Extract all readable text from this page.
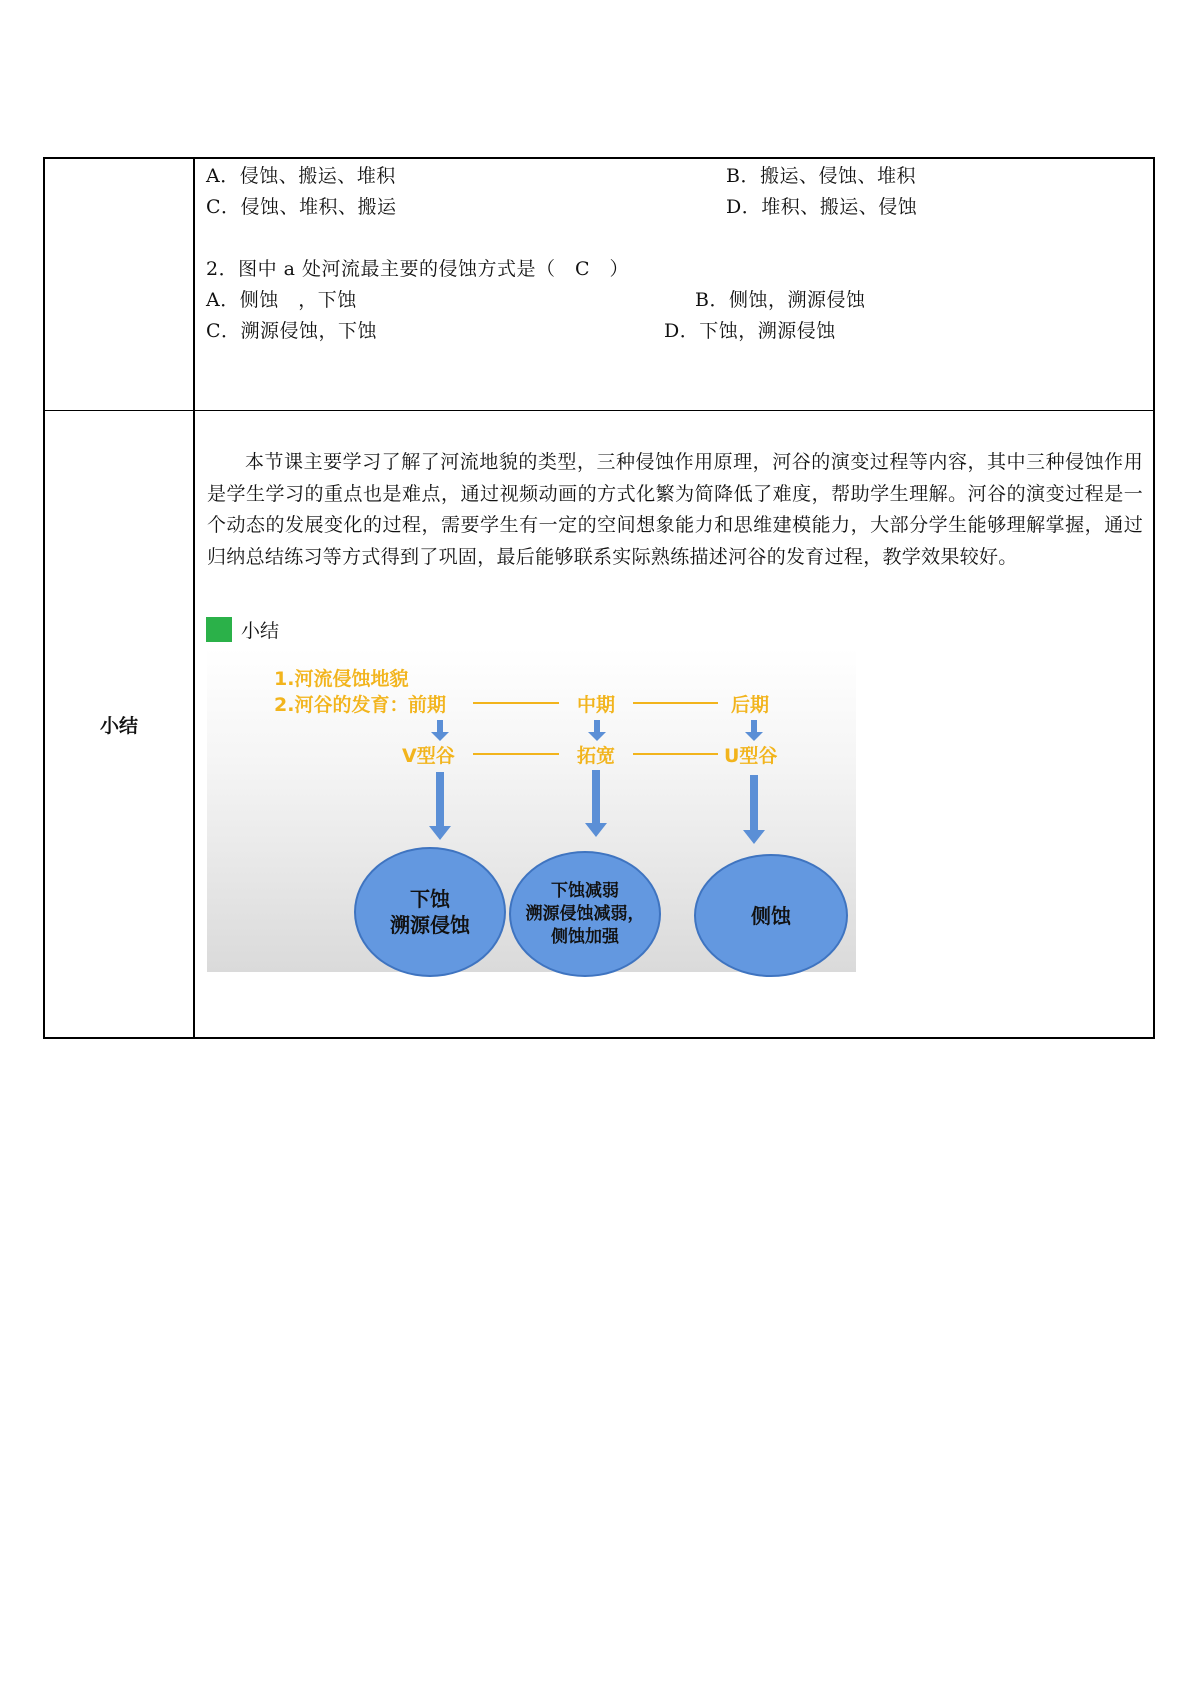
A．侵蚀、搬运、堆积	B．搬运、侵蚀、堆积
C．侵蚀、堆积、搬运	D．堆积、搬运、侵蚀
2．图中 a 处河流最主要的侵蚀方式是（　C　）
A．侧蚀　，下蚀	B．侧蚀，溯源侵蚀
C．溯源侵蚀，下蚀	D．下蚀，溯源侵蚀
小结
本节课主要学习了解了河流地貌的类型，三种侵蚀作用原理，河谷的演变过程等内容，其中三种侵蚀作用是学生学习的重点也是难点，通过视频动画的方式化繁为简降低了难度，帮助学生理解。河谷的演变过程是一个动态的发展变化的过程，需要学生有一定的空间想象能力和思维建模能力，大部分学生能够理解掌握，通过归纳总结练习等方式得到了巩固，最后能够联系实际熟练描述河谷的发育过程，教学效果较好。
小结
1.河流侵蚀地貌
2.河谷的发育： 前期	中期	后期
V型谷	拓宽	U型谷
下蚀
溯源侵蚀
下蚀减弱
溯源侵蚀减弱，
侧蚀加强
侧蚀
